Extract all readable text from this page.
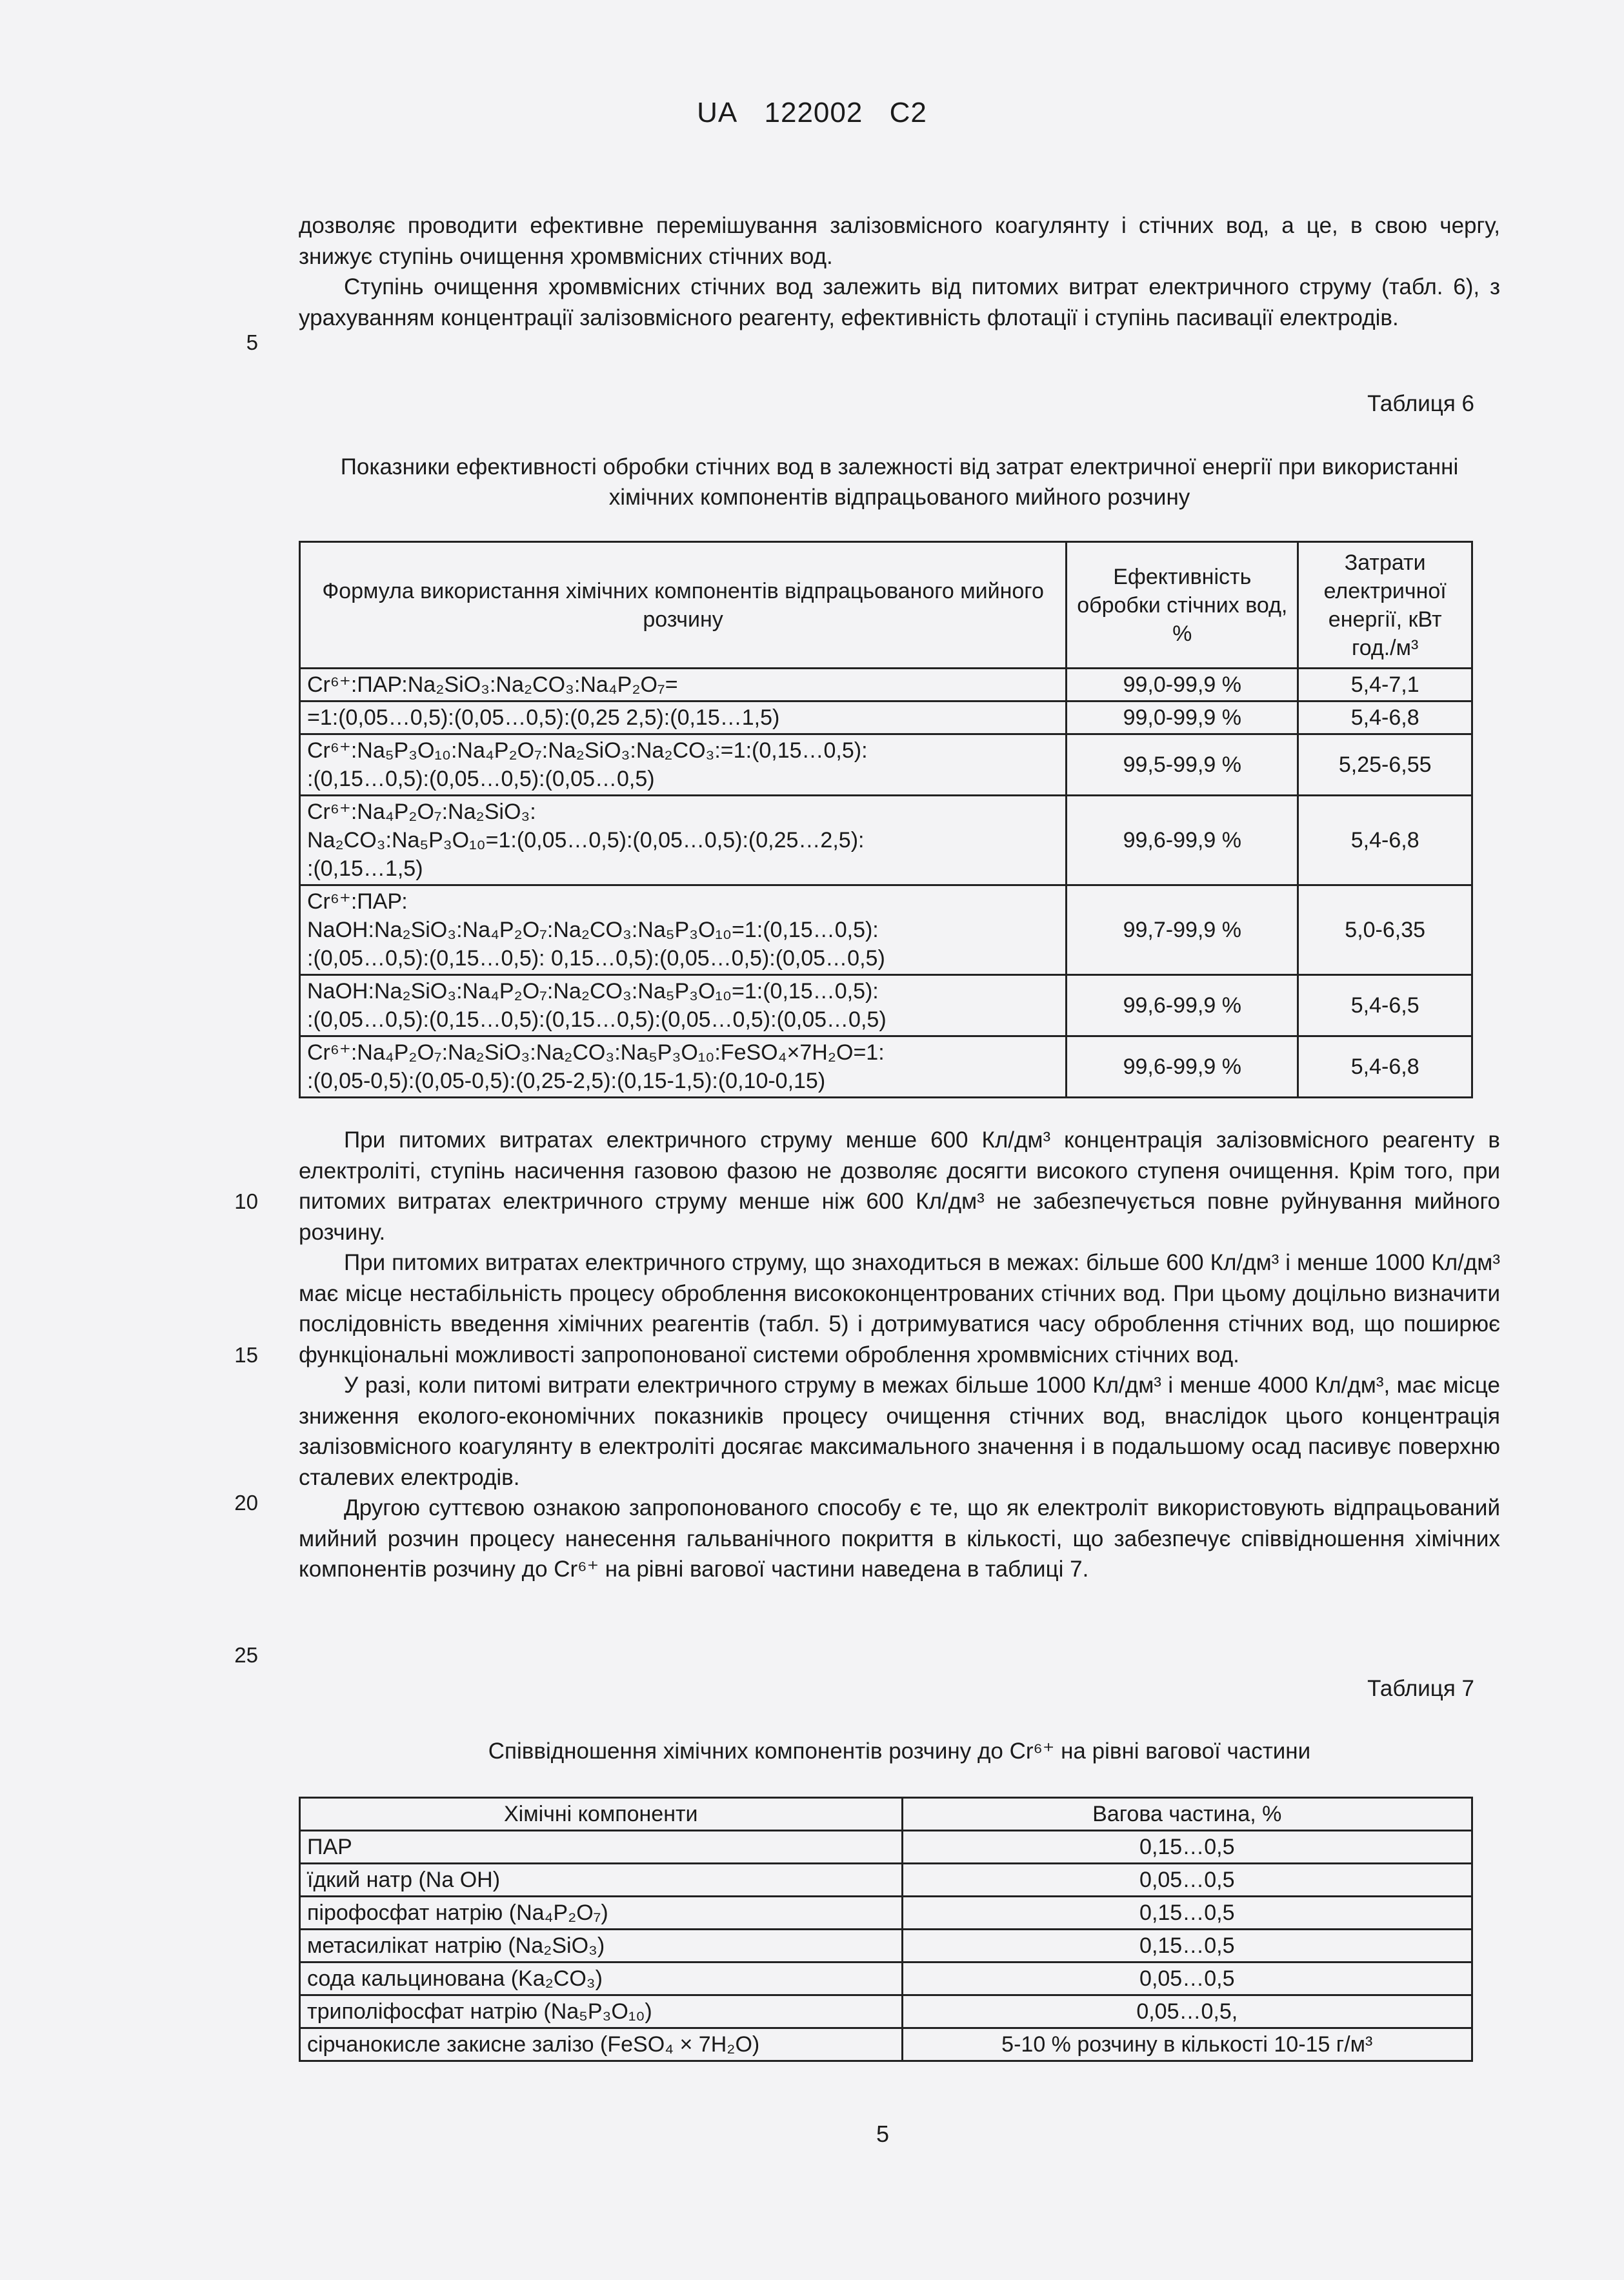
UA 122002 C2

дозволяє проводити ефективне перемішування залізовмісного коагулянту і стічних вод, а це, в свою чергу, знижує ступінь очищення хромвмісних стічних вод.

Ступінь очищення хромвмісних стічних вод залежить від питомих витрат електричного струму (табл. 6), з урахуванням концентрації залізовмісного реагенту, ефективність флотації і ступінь пасивації електродів.

5
Таблиця 6
Показники ефективності обробки стічних вод в залежності від затрат електричної енергії при використанні хімічних компонентів відпрацьованого мийного розчину
Формула використання хімічних компонентів відпрацьованого мийного розчину	Ефективність обробки стічних вод, %	Затрати електричної енергії, кВт год./м³
Cr⁶⁺:ПАР:Na₂SiO₃:Na₂CO₃:Na₄P₂O₇=	99,0-99,9 %	5,4-7,1
=1:(0,05…0,5):(0,05…0,5):(0,25 2,5):(0,15…1,5)	99,0-99,9 %	5,4-6,8
Cr⁶⁺:Na₅P₃O₁₀:Na₄P₂O₇:Na₂SiO₃:Na₂CO₃:=1:(0,15…0,5):
:(0,15…0,5):(0,05…0,5):(0,05…0,5)	99,5-99,9 %	5,25-6,55
Cr⁶⁺:Na₄P₂O₇:Na₂SiO₃:
Na₂CO₃:Na₅P₃O₁₀=1:(0,05…0,5):(0,05…0,5):(0,25…2,5):
:(0,15…1,5)	99,6-99,9 %	5,4-6,8
Cr⁶⁺:ПАР:
NaOH:Na₂SiO₃:Na₄P₂O₇:Na₂CO₃:Na₅P₃O₁₀=1:(0,15…0,5):
:(0,05…0,5):(0,15…0,5): 0,15…0,5):(0,05…0,5):(0,05…0,5)	99,7-99,9 %	5,0-6,35
NaOH:Na₂SiO₃:Na₄P₂O₇:Na₂CO₃:Na₅P₃O₁₀=1:(0,15…0,5):
:(0,05…0,5):(0,15…0,5):(0,15…0,5):(0,05…0,5):(0,05…0,5)	99,6-99,9 %	5,4-6,5
Cr⁶⁺:Na₄P₂O₇:Na₂SiO₃:Na₂CO₃:Na₅P₃O₁₀:FeSO₄×7H₂O=1:
:(0,05-0,5):(0,05-0,5):(0,25-2,5):(0,15-1,5):(0,10-0,15)	99,6-99,9 %	5,4-6,8

При питомих витратах електричного струму менше 600 Кл/дм³ концентрація залізовмісного реагенту в електроліті, ступінь насичення газовою фазою не дозволяє досягти високого ступеня очищення. Крім того, при питомих витратах електричного струму менше ніж 600 Кл/дм³ не забезпечується повне руйнування мийного розчину.

При питомих витратах електричного струму, що знаходиться в межах: більше 600 Кл/дм³ і менше 1000 Кл/дм³ має місце нестабільність процесу оброблення висококонцентрованих стічних вод. При цьому доцільно визначити послідовність введення хімічних реагентів (табл. 5) і дотримуватися часу оброблення стічних вод, що поширює функціональні можливості запропонованої системи оброблення хромвмісних стічних вод.

У разі, коли питомі витрати електричного струму в межах більше 1000 Кл/дм³ і менше 4000 Кл/дм³, має місце зниження еколого-економічних показників процесу очищення стічних вод, внаслідок цього концентрація залізовмісного коагулянту в електроліті досягає максимального значення і в подальшому осад пасивує поверхню сталевих електродів.

Другою суттєвою ознакою запропонованого способу є те, що як електроліт використовують відпрацьований мийний розчин процесу нанесення гальванічного покриття в кількості, що забезпечує співвідношення хімічних компонентів розчину до Cr⁶⁺ на рівні вагової частини наведена в таблиці 7.

10
15
20
25
Таблиця 7
Співвідношення хімічних компонентів розчину до Cr⁶⁺ на рівні вагової частини
Хімічні компоненти	Вагова частина, %
ПАР	0,15…0,5
їдкий натр (Na OH)	0,05…0,5
пірофосфат натрію (Na₄P₂O₇)	0,15…0,5
метасилікат натрію (Na₂SiO₃)	0,15…0,5
сода кальцинована (Ka₂CO₃)	0,05…0,5
триполіфосфат натрію (Na₅P₃O₁₀)	0,05…0,5,
сірчанокисле закисне залізо (FeSO₄ × 7H₂O)	5-10 % розчину в кількості 10-15 г/м³
5
